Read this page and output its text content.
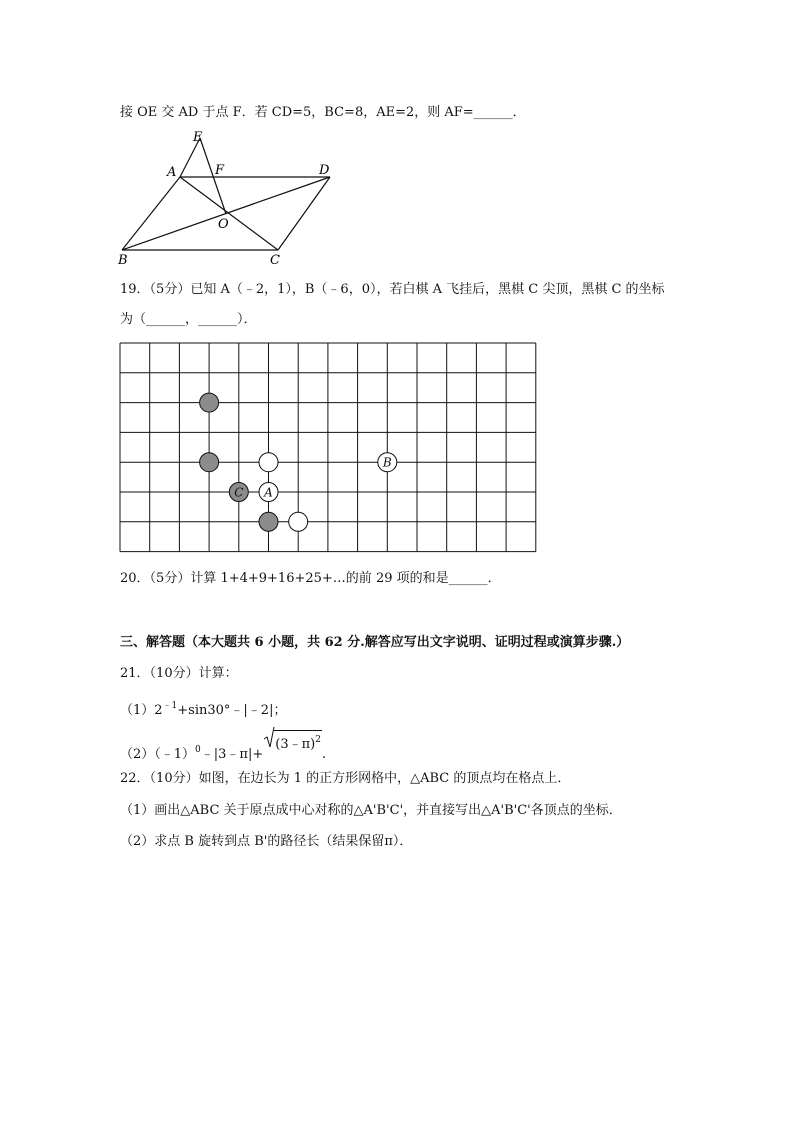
接 OE 交 AD 于点 F．若 CD=5，BC=8，AE=2，则 AF=______．
E
A	F	D
O
B	C
19．（5分）已知 A（﹣2，1），B（﹣6，0），若白棋 A 飞挂后，黑棋 C 尖顶，黑棋 C 的坐标
为（______，______）．
B
C A
20．（5分）计算 1+4+9+16+25+…的前 29 项的和是______．
三、解答题（本大题共 6 小题，共 62 分.解答应写出文字说明、证明过程或演算步骤.）
21．（10分）计算：
$(1)2^{﹣1}+\sin 30^\circ﹣|﹣2|$；
（2）（﹣1）$^0$﹣|3﹣π|+
(3﹣π)$^2$.
22．（10分）如图，在边长为 1 的正方形网格中，△ABC 的顶点均在格点上．
（1）画出△ABC 关于原点成中心对称的△A'B'C'，并直接写出△A'B'C'各顶点的坐标．
（2）求点 B 旋转到点 B'的路径长（结果保留π）．
